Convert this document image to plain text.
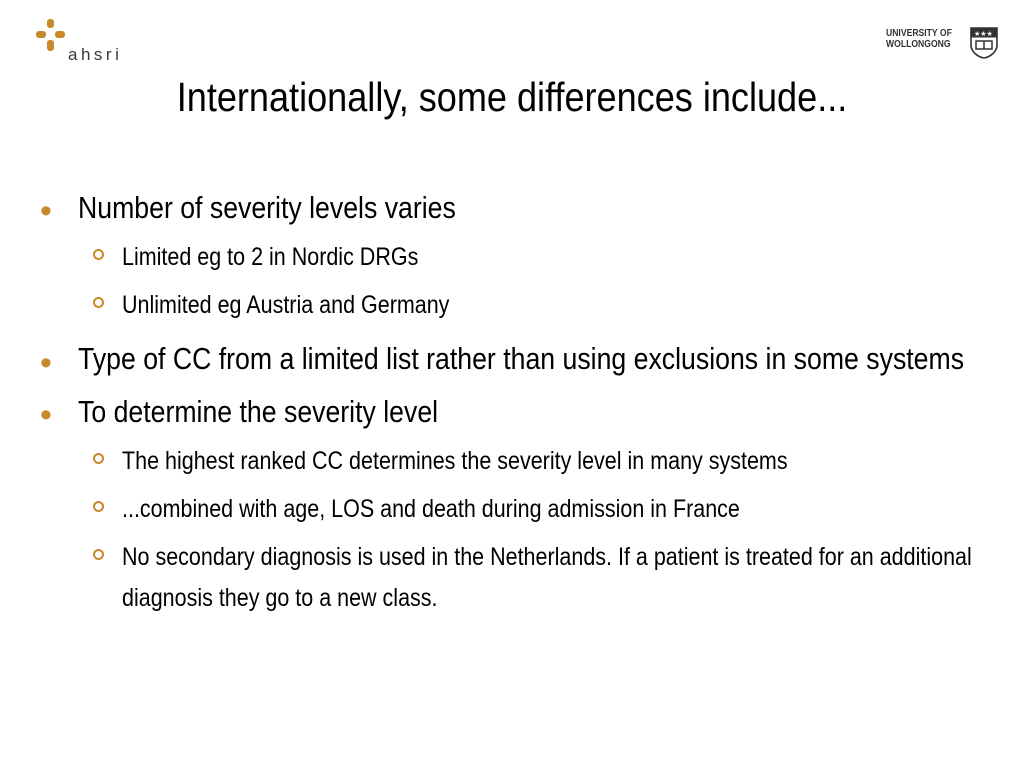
ahsri
UNIVERSITY OF
WOLLONGONG
★★★
Internationally, some differences include...
• Number of severity levels varies
Limited eg to 2 in Nordic DRGs
Unlimited eg Austria and Germany
• Type of CC from a limited list rather than using exclusions in some systems
• To determine the severity level
The highest ranked CC determines the severity level in many systems
...combined with age, LOS and death during admission in France
No secondary diagnosis is used in the Netherlands. If a patient is treated for an additional diagnosis they go to a new class.
